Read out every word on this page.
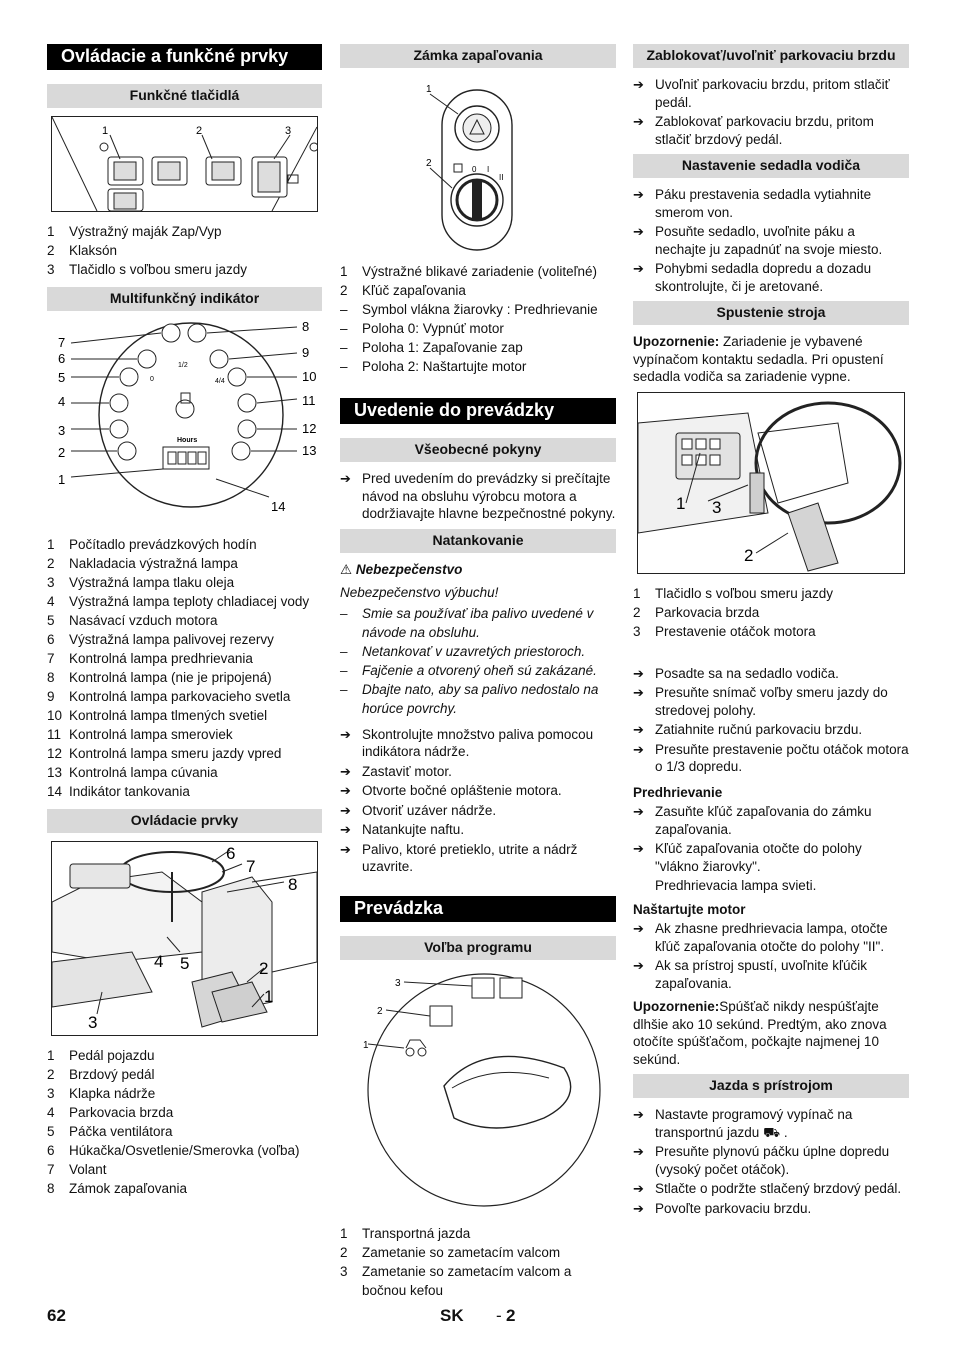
Ovládacie a funkčné prvky
Funkčné tlačidlá
1	2	3
1	Výstražný maják Zap/Vyp
2	Klaksón
3	Tlačidlo s voľbou smeru jazdy
Multifunkčný indikátor
Hours
1/2
4/4
0
1
2
3
4
5
6
7
8
9
10
11
12
13
14
1	Počítadlo prevádzkových hodín
2	Nakladacia výstražná lampa
3	Výstražná lampa tlaku oleja
4	Výstražná lampa teploty chladiacej vody
5	Nasávací vzduch motora
6	Výstražná lampa palivovej rezervy
7	Kontrolná lampa predhrievania
8	Kontrolná lampa (nie je pripojená)
9	Kontrolná lampa parkovacieho svetla
10 Kontrolná lampa tlmených svetiel
11 Kontrolná lampa smeroviek
12 Kontrolná lampa smeru jazdy vpred
13 Kontrolná lampa cúvania
14 Indikátor tankovania
Ovládacie prvky
6
7
8
4 5	2
1
3
1	Pedál pojazdu
2	Brzdový pedál
3	Klapka nádrže
4	Parkovacia brzda
5	Páčka ventilátora
6	Húkačka/Osvetlenie/Smerovka (voľba)
7	Volant
8	Zámok zapaľovania
Zámka zapaľovania
0 I
II
1
2
1	Výstražné blikavé zariadenie (voliteľné)
2	Kľúč zapaľovania
–	Symbol vlákna žiarovky : Predhrievanie
–	Poloha 0: Vypnúť motor
–	Poloha 1: Zapaľovanie zap
–	Poloha 2: Naštartujte motor
Uvedenie do prevádzky
Všeobecné pokyny
➔ Pred uvedením do prevádzky si prečítajte návod na obsluhu výrobcu motora a dodržiavajte hlavne bezpečnostné pokyny.
Natankovanie

⚠ Nebezpečenstvo

Nebezpečenstvo výbuchu!

–	Smie sa používať iba palivo uvedené v návode na obsluhu.
–	Netankovať v uzavretých priestoroch.
–	Fajčenie a otvorený oheň sú zakázané.
–	Dbajte nato, aby sa palivo nedostalo na horúce povrchy.
➔ Skontrolujte množstvo paliva pomocou indikátora nádrže.
➔ Zastaviť motor.
➔ Otvorte bočné opláštenie motora.
➔ Otvoriť uzáver nádrže.
➔ Natankujte naftu.
➔ Palivo, ktoré pretieklo, utrite a nádrž uzavrite.
Prevádzka
Voľba programu
3
2
1
1	Transportná jazda
2	Zametanie so zametacím valcom
3	Zametanie so zametacím valcom a bočnou kefou
Zablokovať/uvoľniť parkovaciu brzdu
➔ Uvoľniť parkovaciu brzdu, pritom stlačiť pedál.
➔ Zablokovať parkovaciu brzdu, pritom stlačiť brzdový pedál.
Nastavenie sedadla vodiča
➔ Páku prestavenia sedadla vytiahnite smerom von.
➔ Posuňte sedadlo, uvoľnite páku a nechajte ju zapadnúť na svoje miesto.
➔ Pohybmi sedadla dopredu a dozadu skontrolujte, či je aretované.
Spustenie stroja

Upozornenie: Zariadenie je vybavené vypínačom kontaktu sedadla. Pri opustení sedadla vodiča sa zariadenie vypne.

1
2
3
1	Tlačidlo s voľbou smeru jazdy
2	Parkovacia brzda
3	Prestavenie otáčok motora
➔ Posadte sa na sedadlo vodiča.
➔ Presuňte snímač voľby smeru jazdy do stredovej polohy.
➔ Zatiahnite ručnú parkovaciu brzdu.
➔ Presuňte prestavenie počtu otáčok motora o 1/3 dopredu.

Predhrievanie

➔ Zasuňte kľúč zapaľovania do zámku zapaľovania.
➔ Kľúč zapaľovania otočte do polohy "vlákno žiarovky".
Predhrievacia lampa svieti.

Naštartujte motor

➔ Ak zhasne predhrievacia lampa, otočte kľúč zapaľovania otočte do polohy "II".
➔ Ak sa prístroj spustí, uvoľnite kľúčik zapaľovania.

Upozornenie:Spúšťač nikdy nespúšťajte dlhšie ako 10 sekúnd. Predtým, ako znova otočíte spúšťačom, počkajte najmenej 10 sekúnd.

Jazda s prístrojom
➔ Nastavte programový vypínač na transportnú jazdu ⛟ .
➔ Presuňte plynovú páčku úplne dopredu (vysoký počet otáčok).
➔ Stlačte o podržte stlačený brzdový pedál.
➔ Povoľte parkovaciu brzdu.
62	SK - 2
